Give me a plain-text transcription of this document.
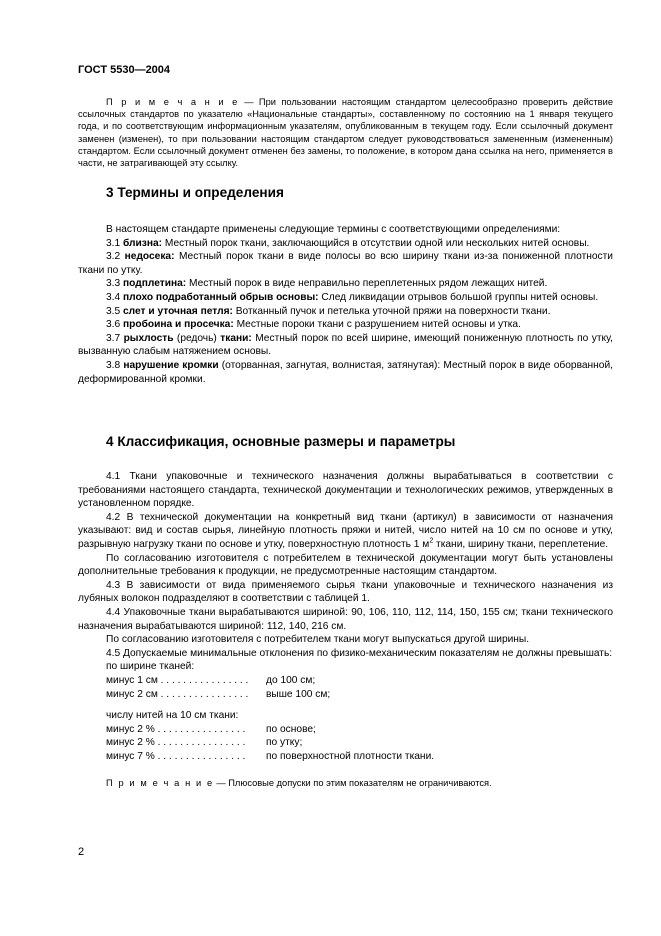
ГОСТ 5530—2004

П р и м е ч а н и е — При пользовании настоящим стандартом целесообразно проверить действие ссылочных стандартов по указателю «Национальные стандарты», составленному по состоянию на 1 января текущего года, и по соответствующим информационным указателям, опубликованным в текущем году. Если ссылочный документ заменен (изменен), то при пользовании настоящим стандартом следует руководствоваться замененным (измененным) стандартом. Если ссылочный документ отменен без замены, то положение, в котором дана ссылка на него, применяется в части, не затрагивающей эту ссылку.

3 Термины и определения

В настоящем стандарте применены следующие термины с соответствующими определениями:

3.1 близна: Местный порок ткани, заключающийся в отсутствии одной или нескольких нитей основы.

3.2 недосека: Местный порок ткани в виде полосы во всю ширину ткани из-за пониженной плотности ткани по утку.

3.3 подплетина: Местный порок в виде неправильно переплетенных рядом лежащих нитей.

3.4 плохо подработанный обрыв основы: След ликвидации отрывов большой группы нитей основы.

3.5 слет и уточная петля: Вотканный пучок и петелька уточной пряжи на поверхности ткани.

3.6 пробоина и просечка: Местные пороки ткани с разрушением нитей основы и утка.

3.7 рыхлость (редочь) ткани: Местный порок по всей ширине, имеющий пониженную плотность по утку, вызванную слабым натяжением основы.

3.8 нарушение кромки (оторванная, загнутая, волнистая, затянутая): Местный порок в виде оборванной, деформированной кромки.

4 Классификация, основные размеры и параметры

4.1 Ткани упаковочные и технического назначения должны вырабатываться в соответствии с требованиями настоящего стандарта, технической документации и технологических режимов, утвержденных в установленном порядке.

4.2 В технической документации на конкретный вид ткани (артикул) в зависимости от назначения указывают: вид и состав сырья, линейную плотность пряжи и нитей, число нитей на 10 см по основе и утку, разрывную нагрузку ткани по основе и утку, поверхностную плотность 1 $м^2$ ткани, ширину ткани, переплетение.

По согласованию изготовителя с потребителем в технической документации могут быть установлены дополнительные требования к продукции, не предусмотренные настоящим стандартом.

4.3 В зависимости от вида применяемого сырья ткани упаковочные и технического назначения из лубяных волокон подразделяют в соответствии с таблицей 1.

4.4 Упаковочные ткани вырабатываются шириной: 90, 106, 110, 112, 114, 150, 155 см; ткани технического назначения вырабатываются шириной: 112, 140, 216 см.

По согласованию изготовителя с потребителем ткани могут выпускаться другой ширины.

4.5 Допускаемые минимальные отклонения по физико-механическим показателям не должны превышать:

по ширине тканей:
минус 1 см . . . . . . . . . . . . . . . .	до 100 см;
минус 2 см . . . . . . . . . . . . . . . .	выше 100 см;
числу нитей на 10 см ткани:
минус 2 % . . . . . . . . . . . . . . . .	по основе;
минус 2 % . . . . . . . . . . . . . . . .	по утку;
минус 7 % . . . . . . . . . . . . . . . .	по поверхностной плотности ткани.

П р и м е ч а н и е — Плюсовые допуски по этим показателям не ограничиваются.

2
